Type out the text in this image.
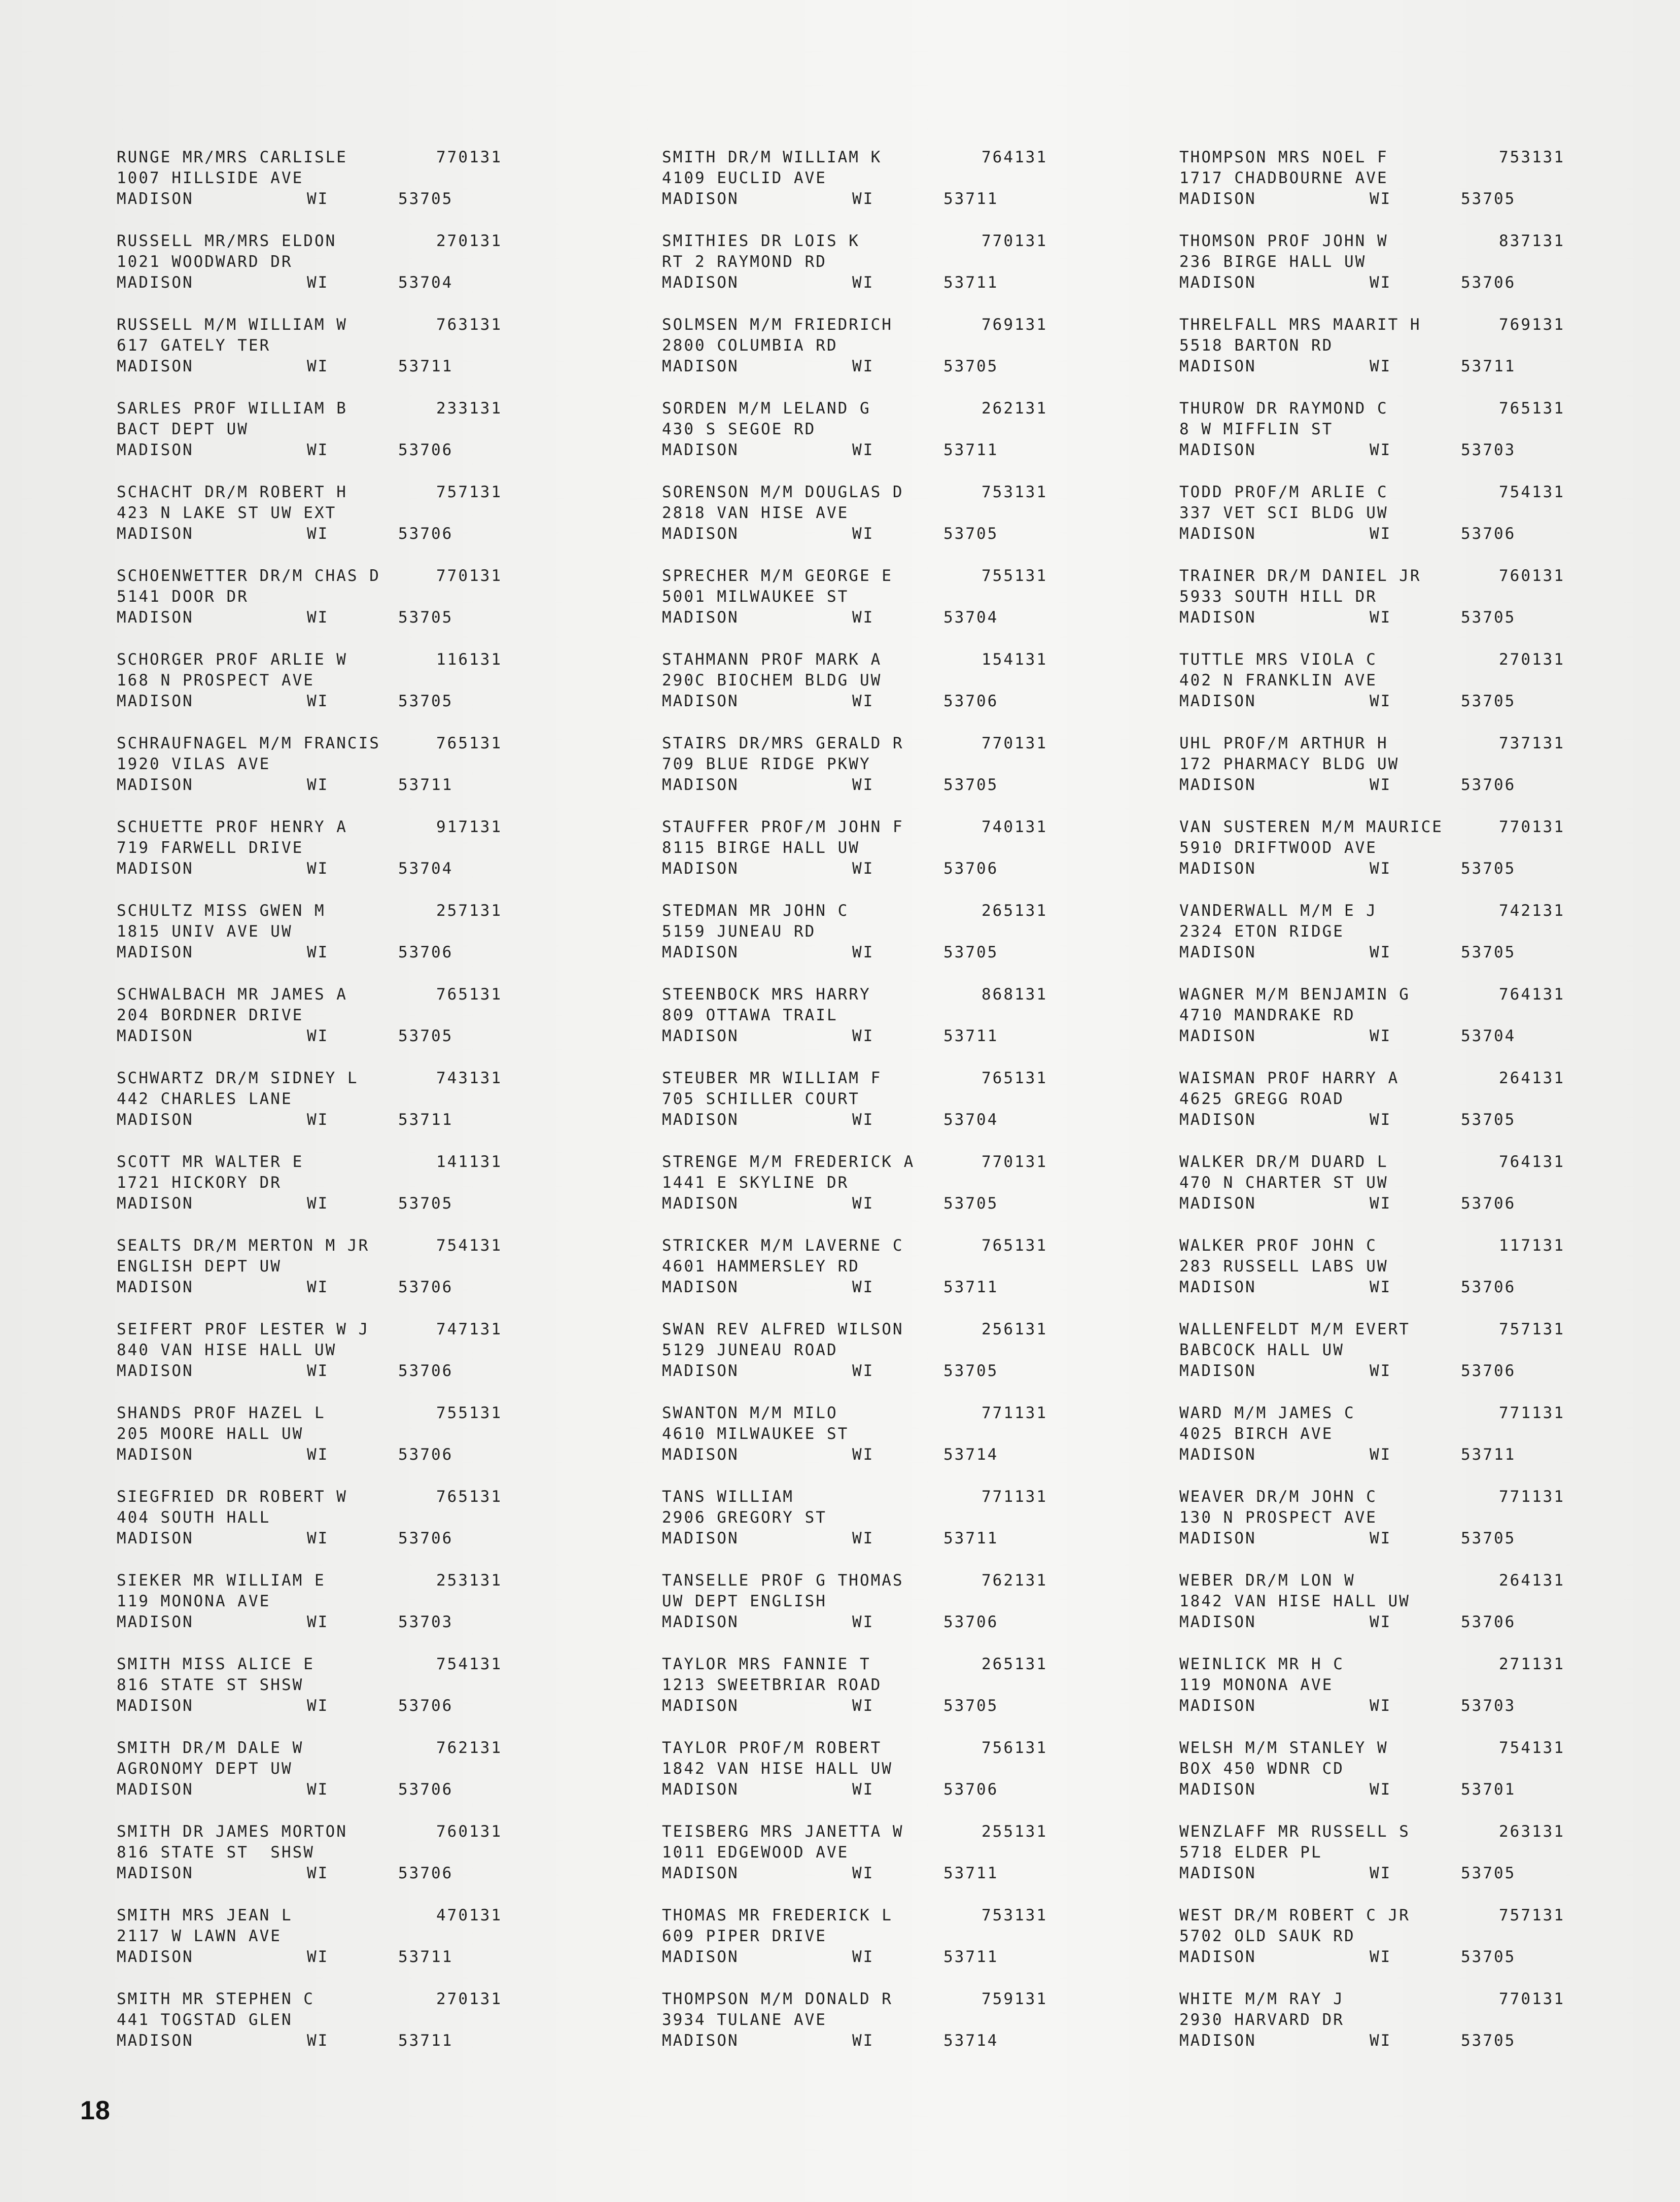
RUNGE MR/MRS CARLISLE	770131
1007 HILLSIDE AVE
MADISON	WI	53705
RUSSELL MR/MRS ELDON	270131
1021 WOODWARD DR
MADISON	WI	53704
RUSSELL M/M WILLIAM W	763131
617 GATELY TER
MADISON	WI	53711
SARLES PROF WILLIAM B	233131
BACT DEPT UW
MADISON	WI	53706
SCHACHT DR/M ROBERT H	757131
423 N LAKE ST UW EXT
MADISON	WI	53706
SCHOENWETTER DR/M CHAS D	770131
5141 DOOR DR
MADISON	WI	53705
SCHORGER PROF ARLIE W	116131
168 N PROSPECT AVE
MADISON	WI	53705
SCHRAUFNAGEL M/M FRANCIS	765131
1920 VILAS AVE
MADISON	WI	53711
SCHUETTE PROF HENRY A	917131
719 FARWELL DRIVE
MADISON	WI	53704
SCHULTZ MISS GWEN M	257131
1815 UNIV AVE UW
MADISON	WI	53706
SCHWALBACH MR JAMES A	765131
204 BORDNER DRIVE
MADISON	WI	53705
SCHWARTZ DR/M SIDNEY L	743131
442 CHARLES LANE
MADISON	WI	53711
SCOTT MR WALTER E	141131
1721 HICKORY DR
MADISON	WI	53705
SEALTS DR/M MERTON M JR	754131
ENGLISH DEPT UW
MADISON	WI	53706
SEIFERT PROF LESTER W J	747131
840 VAN HISE HALL UW
MADISON	WI	53706
SHANDS PROF HAZEL L	755131
205 MOORE HALL UW
MADISON	WI	53706
SIEGFRIED DR ROBERT W	765131
404 SOUTH HALL
MADISON	WI	53706
SIEKER MR WILLIAM E	253131
119 MONONA AVE
MADISON	WI	53703
SMITH MISS ALICE E	754131
816 STATE ST SHSW
MADISON	WI	53706
SMITH DR/M DALE W	762131
AGRONOMY DEPT UW
MADISON	WI	53706
SMITH DR JAMES MORTON	760131
816 STATE ST  SHSW
MADISON	WI	53706
SMITH MRS JEAN L	470131
2117 W LAWN AVE
MADISON	WI	53711
SMITH MR STEPHEN C	270131
441 TOGSTAD GLEN
MADISON	WI	53711
SMITH DR/M WILLIAM K	764131
4109 EUCLID AVE
MADISON	WI	53711
SMITHIES DR LOIS K	770131
RT 2 RAYMOND RD
MADISON	WI	53711
SOLMSEN M/M FRIEDRICH	769131
2800 COLUMBIA RD
MADISON	WI	53705
SORDEN M/M LELAND G	262131
430 S SEGOE RD
MADISON	WI	53711
SORENSON M/M DOUGLAS D	753131
2818 VAN HISE AVE
MADISON	WI	53705
SPRECHER M/M GEORGE E	755131
5001 MILWAUKEE ST
MADISON	WI	53704
STAHMANN PROF MARK A	154131
290C BIOCHEM BLDG UW
MADISON	WI	53706
STAIRS DR/MRS GERALD R	770131
709 BLUE RIDGE PKWY
MADISON	WI	53705
STAUFFER PROF/M JOHN F	740131
8115 BIRGE HALL UW
MADISON	WI	53706
STEDMAN MR JOHN C	265131
5159 JUNEAU RD
MADISON	WI	53705
STEENBOCK MRS HARRY	868131
809 OTTAWA TRAIL
MADISON	WI	53711
STEUBER MR WILLIAM F	765131
705 SCHILLER COURT
MADISON	WI	53704
STRENGE M/M FREDERICK A	770131
1441 E SKYLINE DR
MADISON	WI	53705
STRICKER M/M LAVERNE C	765131
4601 HAMMERSLEY RD
MADISON	WI	53711
SWAN REV ALFRED WILSON	256131
5129 JUNEAU ROAD
MADISON	WI	53705
SWANTON M/M MILO	771131
4610 MILWAUKEE ST
MADISON	WI	53714
TANS WILLIAM	771131
2906 GREGORY ST
MADISON	WI	53711
TANSELLE PROF G THOMAS	762131
UW DEPT ENGLISH
MADISON	WI	53706
TAYLOR MRS FANNIE T	265131
1213 SWEETBRIAR ROAD
MADISON	WI	53705
TAYLOR PROF/M ROBERT	756131
1842 VAN HISE HALL UW
MADISON	WI	53706
TEISBERG MRS JANETTA W	255131
1011 EDGEWOOD AVE
MADISON	WI	53711
THOMAS MR FREDERICK L	753131
609 PIPER DRIVE
MADISON	WI	53711
THOMPSON M/M DONALD R	759131
3934 TULANE AVE
MADISON	WI	53714
THOMPSON MRS NOEL F	753131
1717 CHADBOURNE AVE
MADISON	WI	53705
THOMSON PROF JOHN W	837131
236 BIRGE HALL UW
MADISON	WI	53706
THRELFALL MRS MAARIT H	769131
5518 BARTON RD
MADISON	WI	53711
THUROW DR RAYMOND C	765131
8 W MIFFLIN ST
MADISON	WI	53703
TODD PROF/M ARLIE C	754131
337 VET SCI BLDG UW
MADISON	WI	53706
TRAINER DR/M DANIEL JR	760131
5933 SOUTH HILL DR
MADISON	WI	53705
TUTTLE MRS VIOLA C	270131
402 N FRANKLIN AVE
MADISON	WI	53705
UHL PROF/M ARTHUR H	737131
172 PHARMACY BLDG UW
MADISON	WI	53706
VAN SUSTEREN M/M MAURICE	770131
5910 DRIFTWOOD AVE
MADISON	WI	53705
VANDERWALL M/M E J	742131
2324 ETON RIDGE
MADISON	WI	53705
WAGNER M/M BENJAMIN G	764131
4710 MANDRAKE RD
MADISON	WI	53704
WAISMAN PROF HARRY A	264131
4625 GREGG ROAD
MADISON	WI	53705
WALKER DR/M DUARD L	764131
470 N CHARTER ST UW
MADISON	WI	53706
WALKER PROF JOHN C	117131
283 RUSSELL LABS UW
MADISON	WI	53706
WALLENFELDT M/M EVERT	757131
BABCOCK HALL UW
MADISON	WI	53706
WARD M/M JAMES C	771131
4025 BIRCH AVE
MADISON	WI	53711
WEAVER DR/M JOHN C	771131
130 N PROSPECT AVE
MADISON	WI	53705
WEBER DR/M LON W	264131
1842 VAN HISE HALL UW
MADISON	WI	53706
WEINLICK MR H C	271131
119 MONONA AVE
MADISON	WI	53703
WELSH M/M STANLEY W	754131
BOX 450 WDNR CD
MADISON	WI	53701
WENZLAFF MR RUSSELL S	263131
5718 ELDER PL
MADISON	WI	53705
WEST DR/M ROBERT C JR	757131
5702 OLD SAUK RD
MADISON	WI	53705
WHITE M/M RAY J	770131
2930 HARVARD DR
MADISON	WI	53705
18
